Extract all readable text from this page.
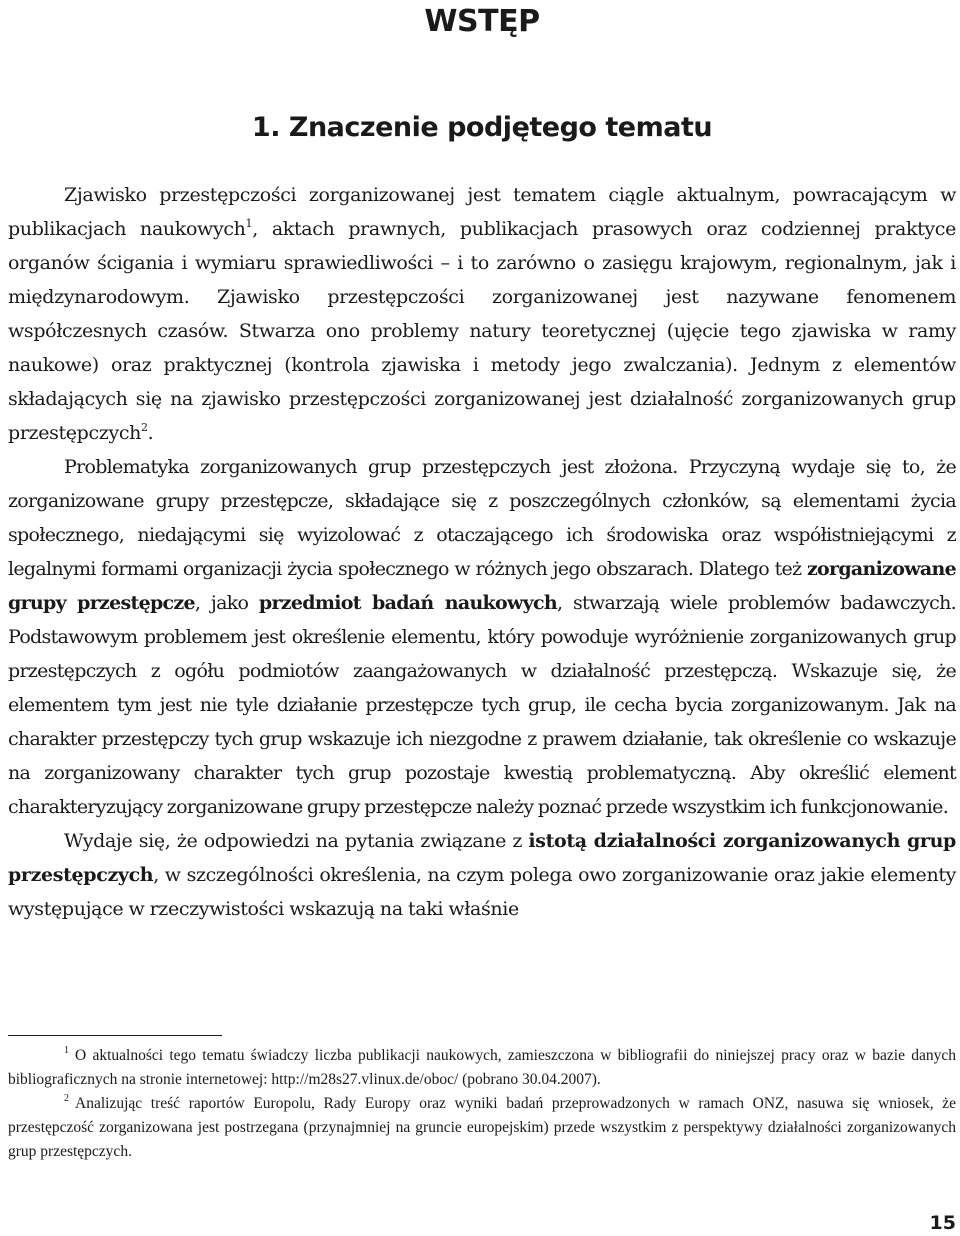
WSTĘP
1. Znaczenie podjętego tematu

Zjawisko przestępczości zorganizowanej jest tematem ciągle aktualnym, powracającym w publikacjach naukowych$^1$, aktach prawnych, publikacjach prasowych oraz codziennej praktyce organów ścigania i wymiaru sprawiedliwości – i to zarówno o zasięgu krajowym, regionalnym, jak i międzynarodowym. Zjawisko przestępczości zorganizowanej jest nazywane fenomenem współczesnych czasów. Stwarza ono problemy natury teoretycznej (ujęcie tego zjawiska w ramy naukowe) oraz praktycznej (kontrola zjawiska i metody jego zwalczania). Jednym z elementów składających się na zjawisko przestępczości zorganizowanej jest działalność zorganizowanych grup przestępczych$^2$.

Problematyka zorganizowanych grup przestępczych jest złożona. Przyczyną wydaje się to, że zorganizowane grupy przestępcze, składające się z poszczególnych członków, są elementami życia społecznego, niedającymi się wyizolować z otaczającego ich środowiska oraz współistniejącymi z legalnymi formami organizacji życia społecznego w różnych jego obszarach. Dlatego też zorganizowane grupy przestępcze, jako przedmiot badań naukowych, stwarzają wiele problemów badawczych. Podstawowym problemem jest określenie elementu, który powoduje wyróżnienie zorganizowanych grup przestępczych z ogółu podmiotów zaangażowanych w działalność przestępczą. Wskazuje się, że elementem tym jest nie tyle działanie przestępcze tych grup, ile cecha bycia zorganizowanym. Jak na charakter przestępczy tych grup wskazuje ich niezgodne z prawem działanie, tak określenie co wskazuje na zorganizowany charakter tych grup pozostaje kwestią problematyczną. Aby określić element charakteryzujący zorganizowane grupy przestępcze należy poznać przede wszystkim ich funkcjonowanie.

Wydaje się, że odpowiedzi na pytania związane z istotą działalności zorganizowanych grup przestępczych, w szczególności określenia, na czym polega owo zorganizowanie oraz jakie elementy występujące w rzeczywistości wskazują na taki właśnie

$^1$ O aktualności tego tematu świadczy liczba publikacji naukowych, zamieszczona w bibliografii do niniejszej pracy oraz w bazie danych bibliograficznych na stronie internetowej: http://m28s27.vlinux.de/oboc/ (pobrano 30.04.2007).

$^2$ Analizując treść raportów Europolu, Rady Europy oraz wyniki badań przeprowadzonych w ramach ONZ, nasuwa się wniosek, że przestępczość zorganizowana jest postrzegana (przynajmniej na gruncie europejskim) przede wszystkim z perspektywy działalności zorganizowanych grup przestępczych.

15
